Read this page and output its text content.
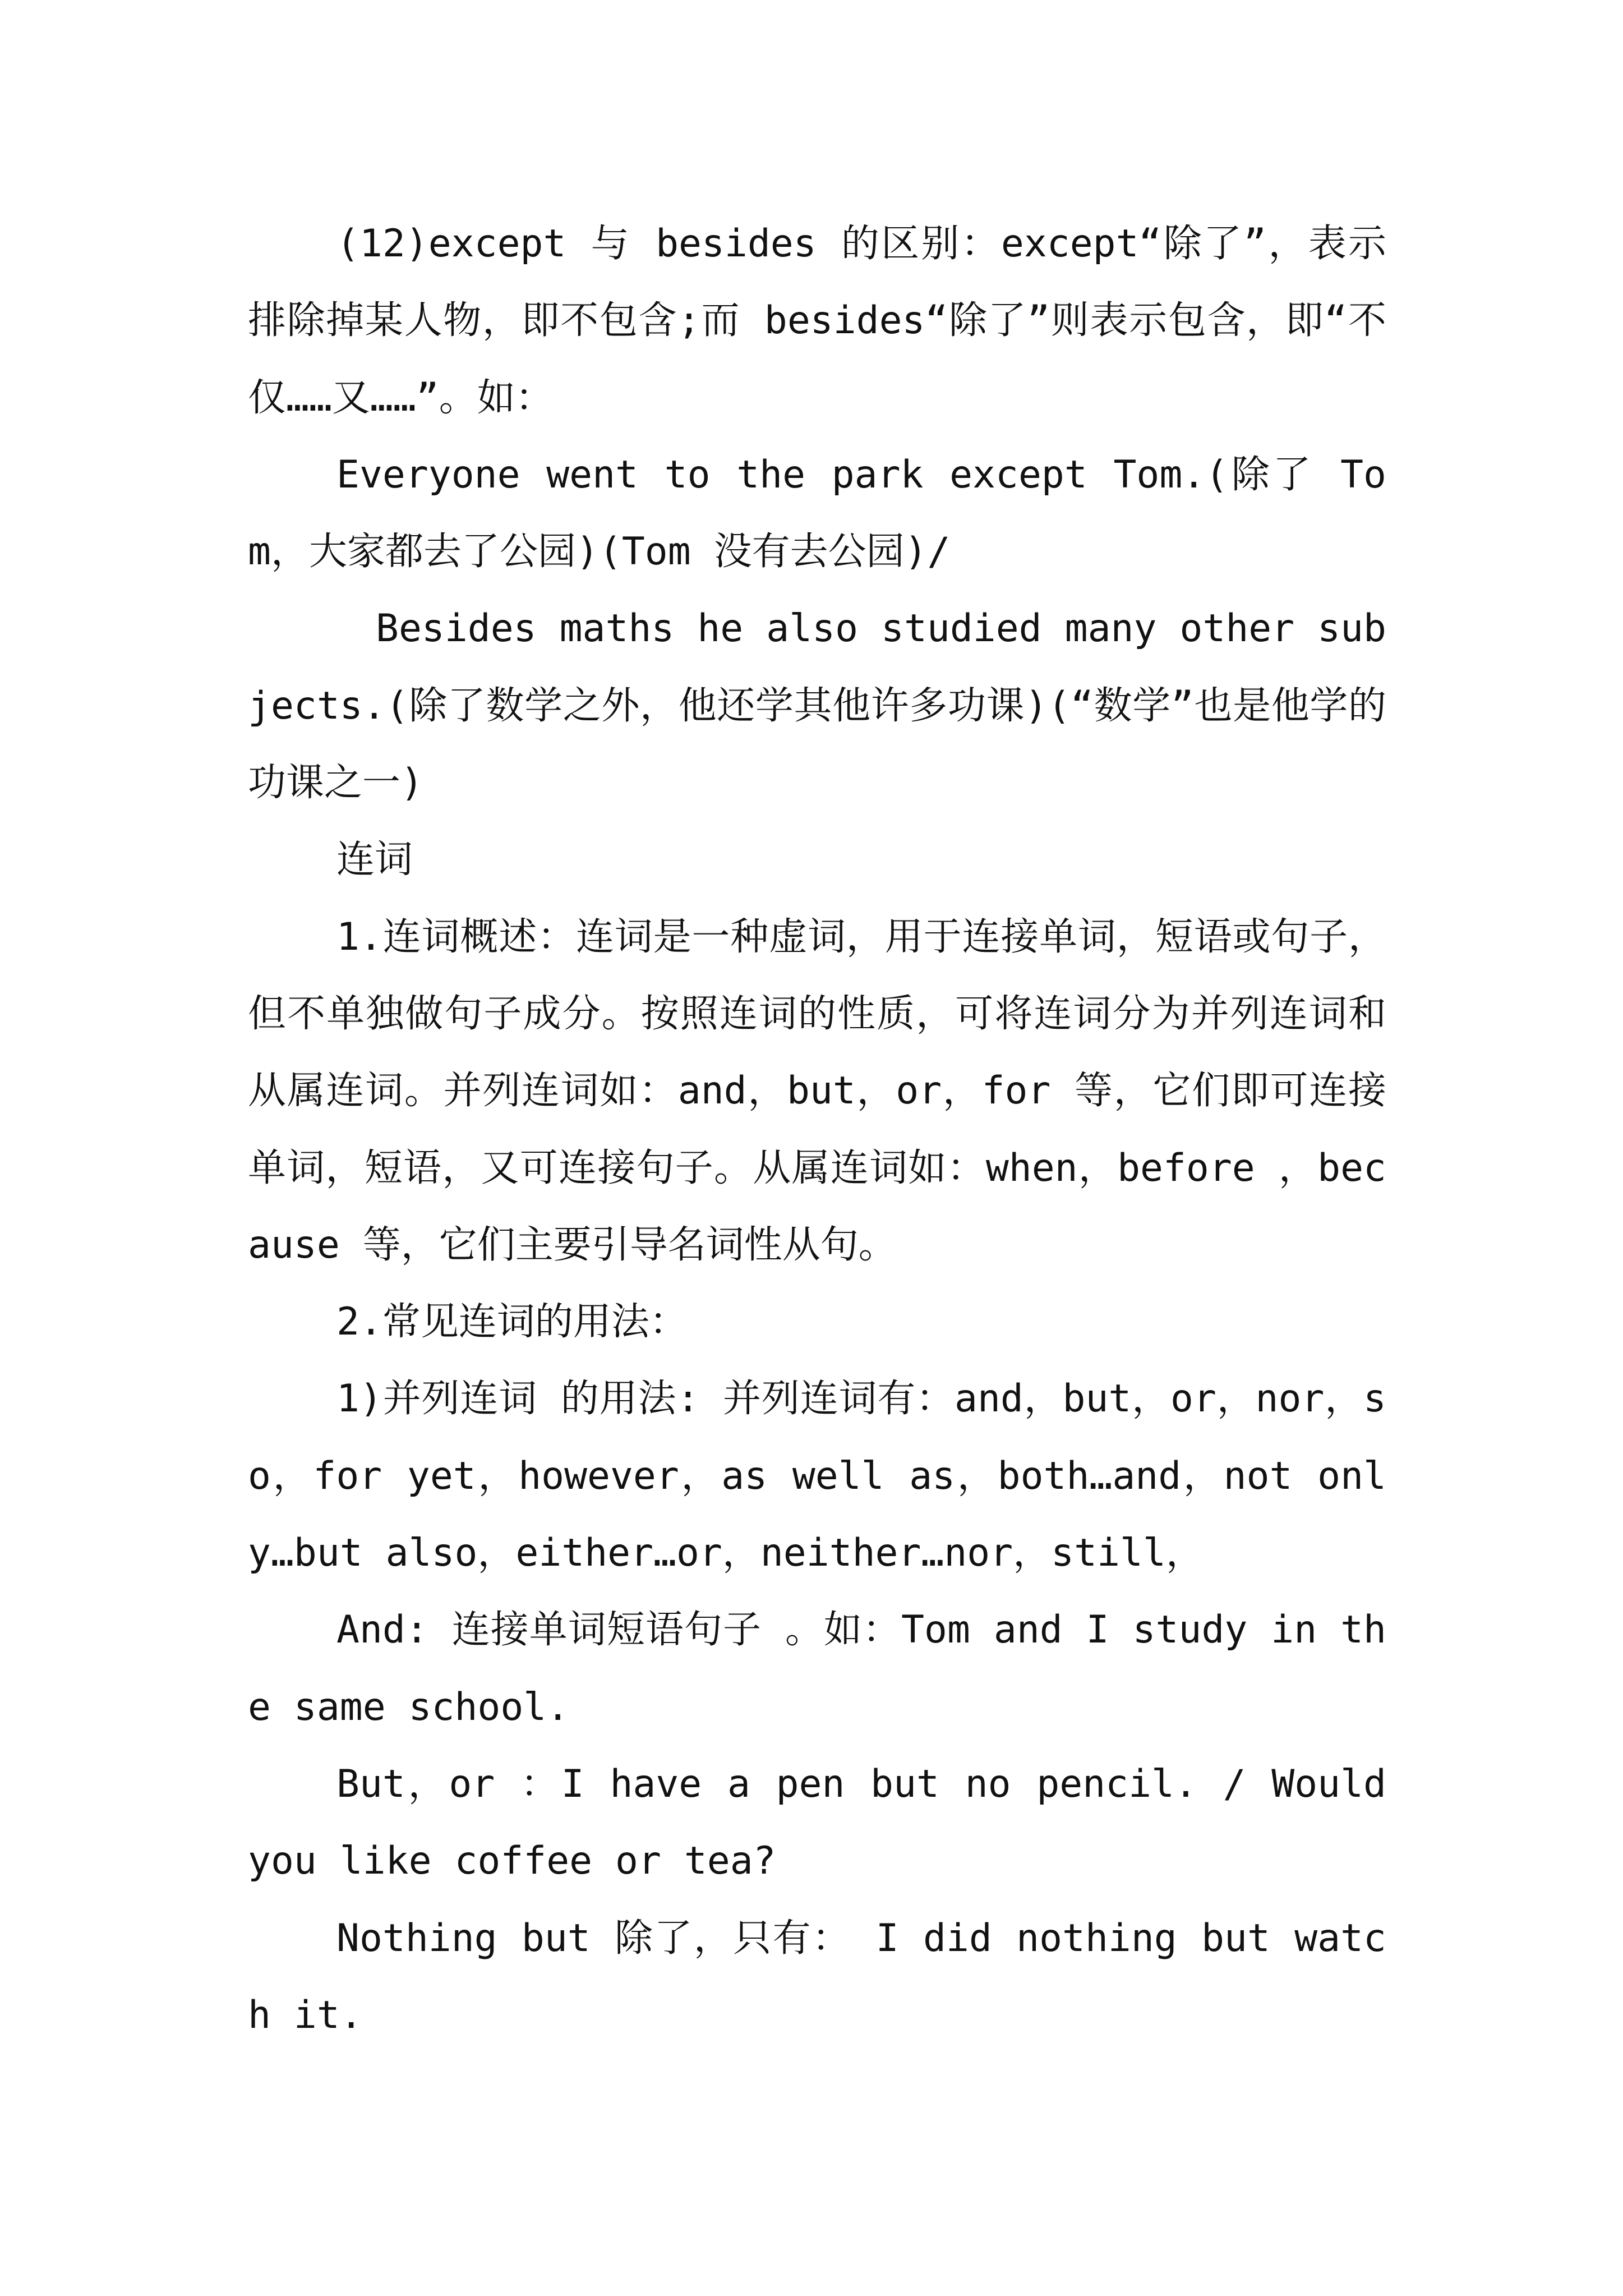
(12)except 与 besides 的区别：except“除了”，表示排除掉某人物，即不包含;而 besides“除了”则表示包含，即“不仅……又……”。如：

Everyone went to the park except Tom.(除了 Tom，大家都去了公园)(Tom 没有去公园)/

Besides maths he also studied many other subjects.(除了数学之外，他还学其他许多功课)(“数学”也是他学的功课之一)

连词

1.连词概述：连词是一种虚词，用于连接单词，短语或句子，但不单独做句子成分。按照连词的性质，可将连词分为并列连词和从属连词。并列连词如：and，but，or，for 等，它们即可连接单词，短语，又可连接句子。从属连词如：when，before ，because 等，它们主要引导名词性从句。

2.常见连词的用法：

1)并列连词 的用法: 并列连词有：and，but，or，nor，so，for yet，however，as well as，both…and，not only…but also，either…or，neither…nor，still，

And: 连接单词短语句子 。如：Tom and I study in the same school.

But，or ：I have a pen but no pencil. / Would you like coffee or tea?

Nothing but 除了，只有： I did nothing but watch it.
